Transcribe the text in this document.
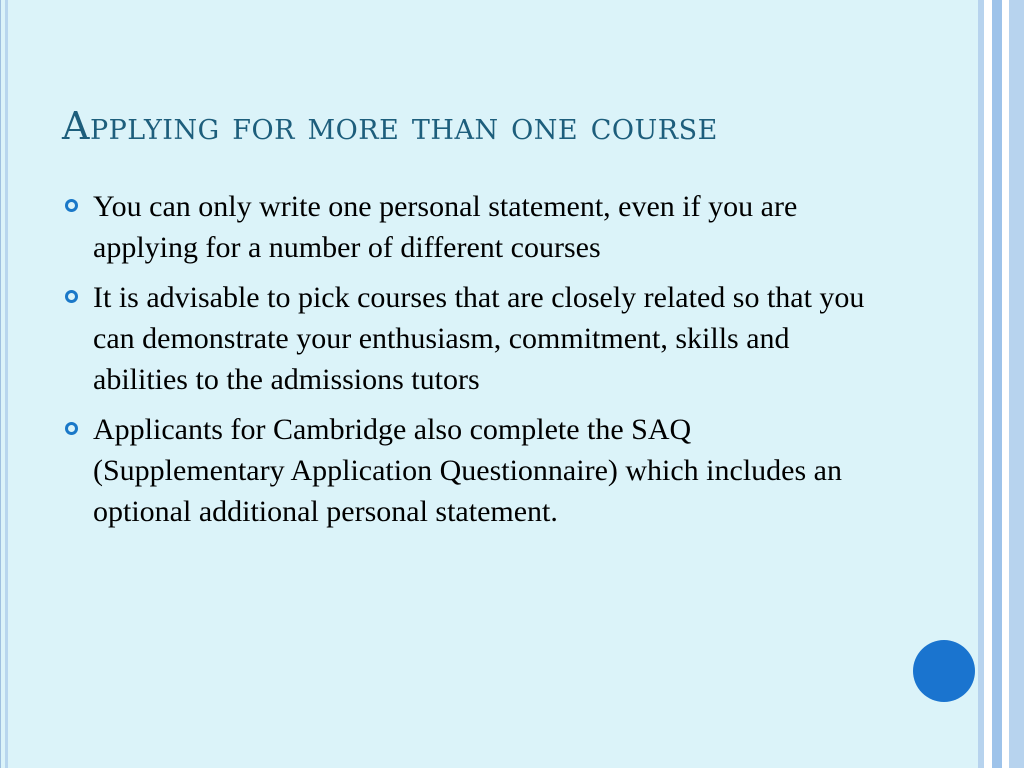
Applying for more than one course
You can only write one personal statement, even if you are applying for a number of different courses
It is advisable to pick courses that are closely related so that you can demonstrate your enthusiasm, commitment, skills and abilities to the admissions tutors
Applicants for Cambridge also complete the SAQ (Supplementary Application Questionnaire) which includes an optional additional personal statement.
